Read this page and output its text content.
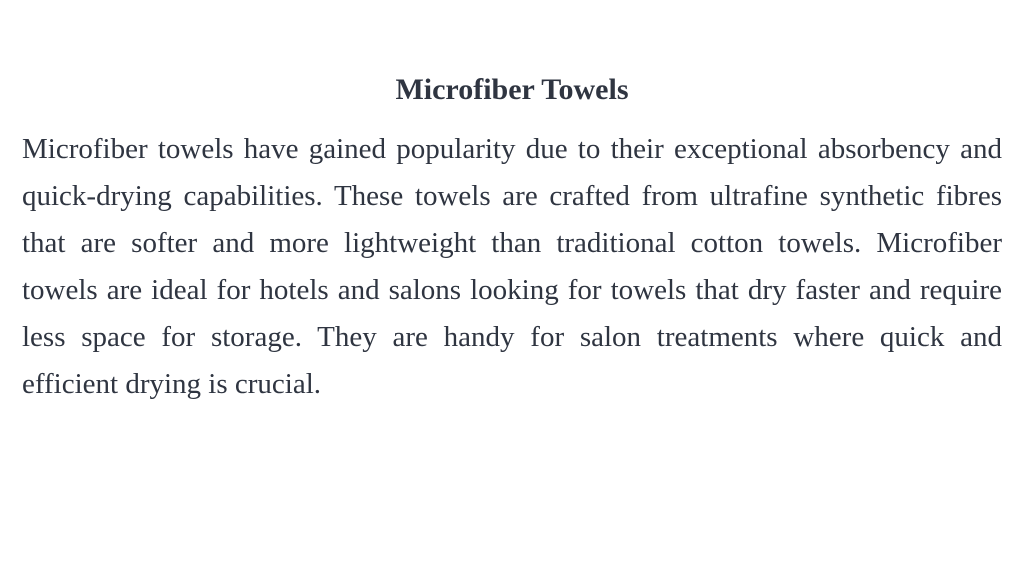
Microfiber Towels

Microfiber towels have gained popularity due to their exceptional absorbency and quick-drying capabilities. These towels are crafted from ultrafine synthetic fibres that are softer and more lightweight than traditional cotton towels. Microfiber towels are ideal for hotels and salons looking for towels that dry faster and require less space for storage. They are handy for salon treatments where quick and efficient drying is crucial.
